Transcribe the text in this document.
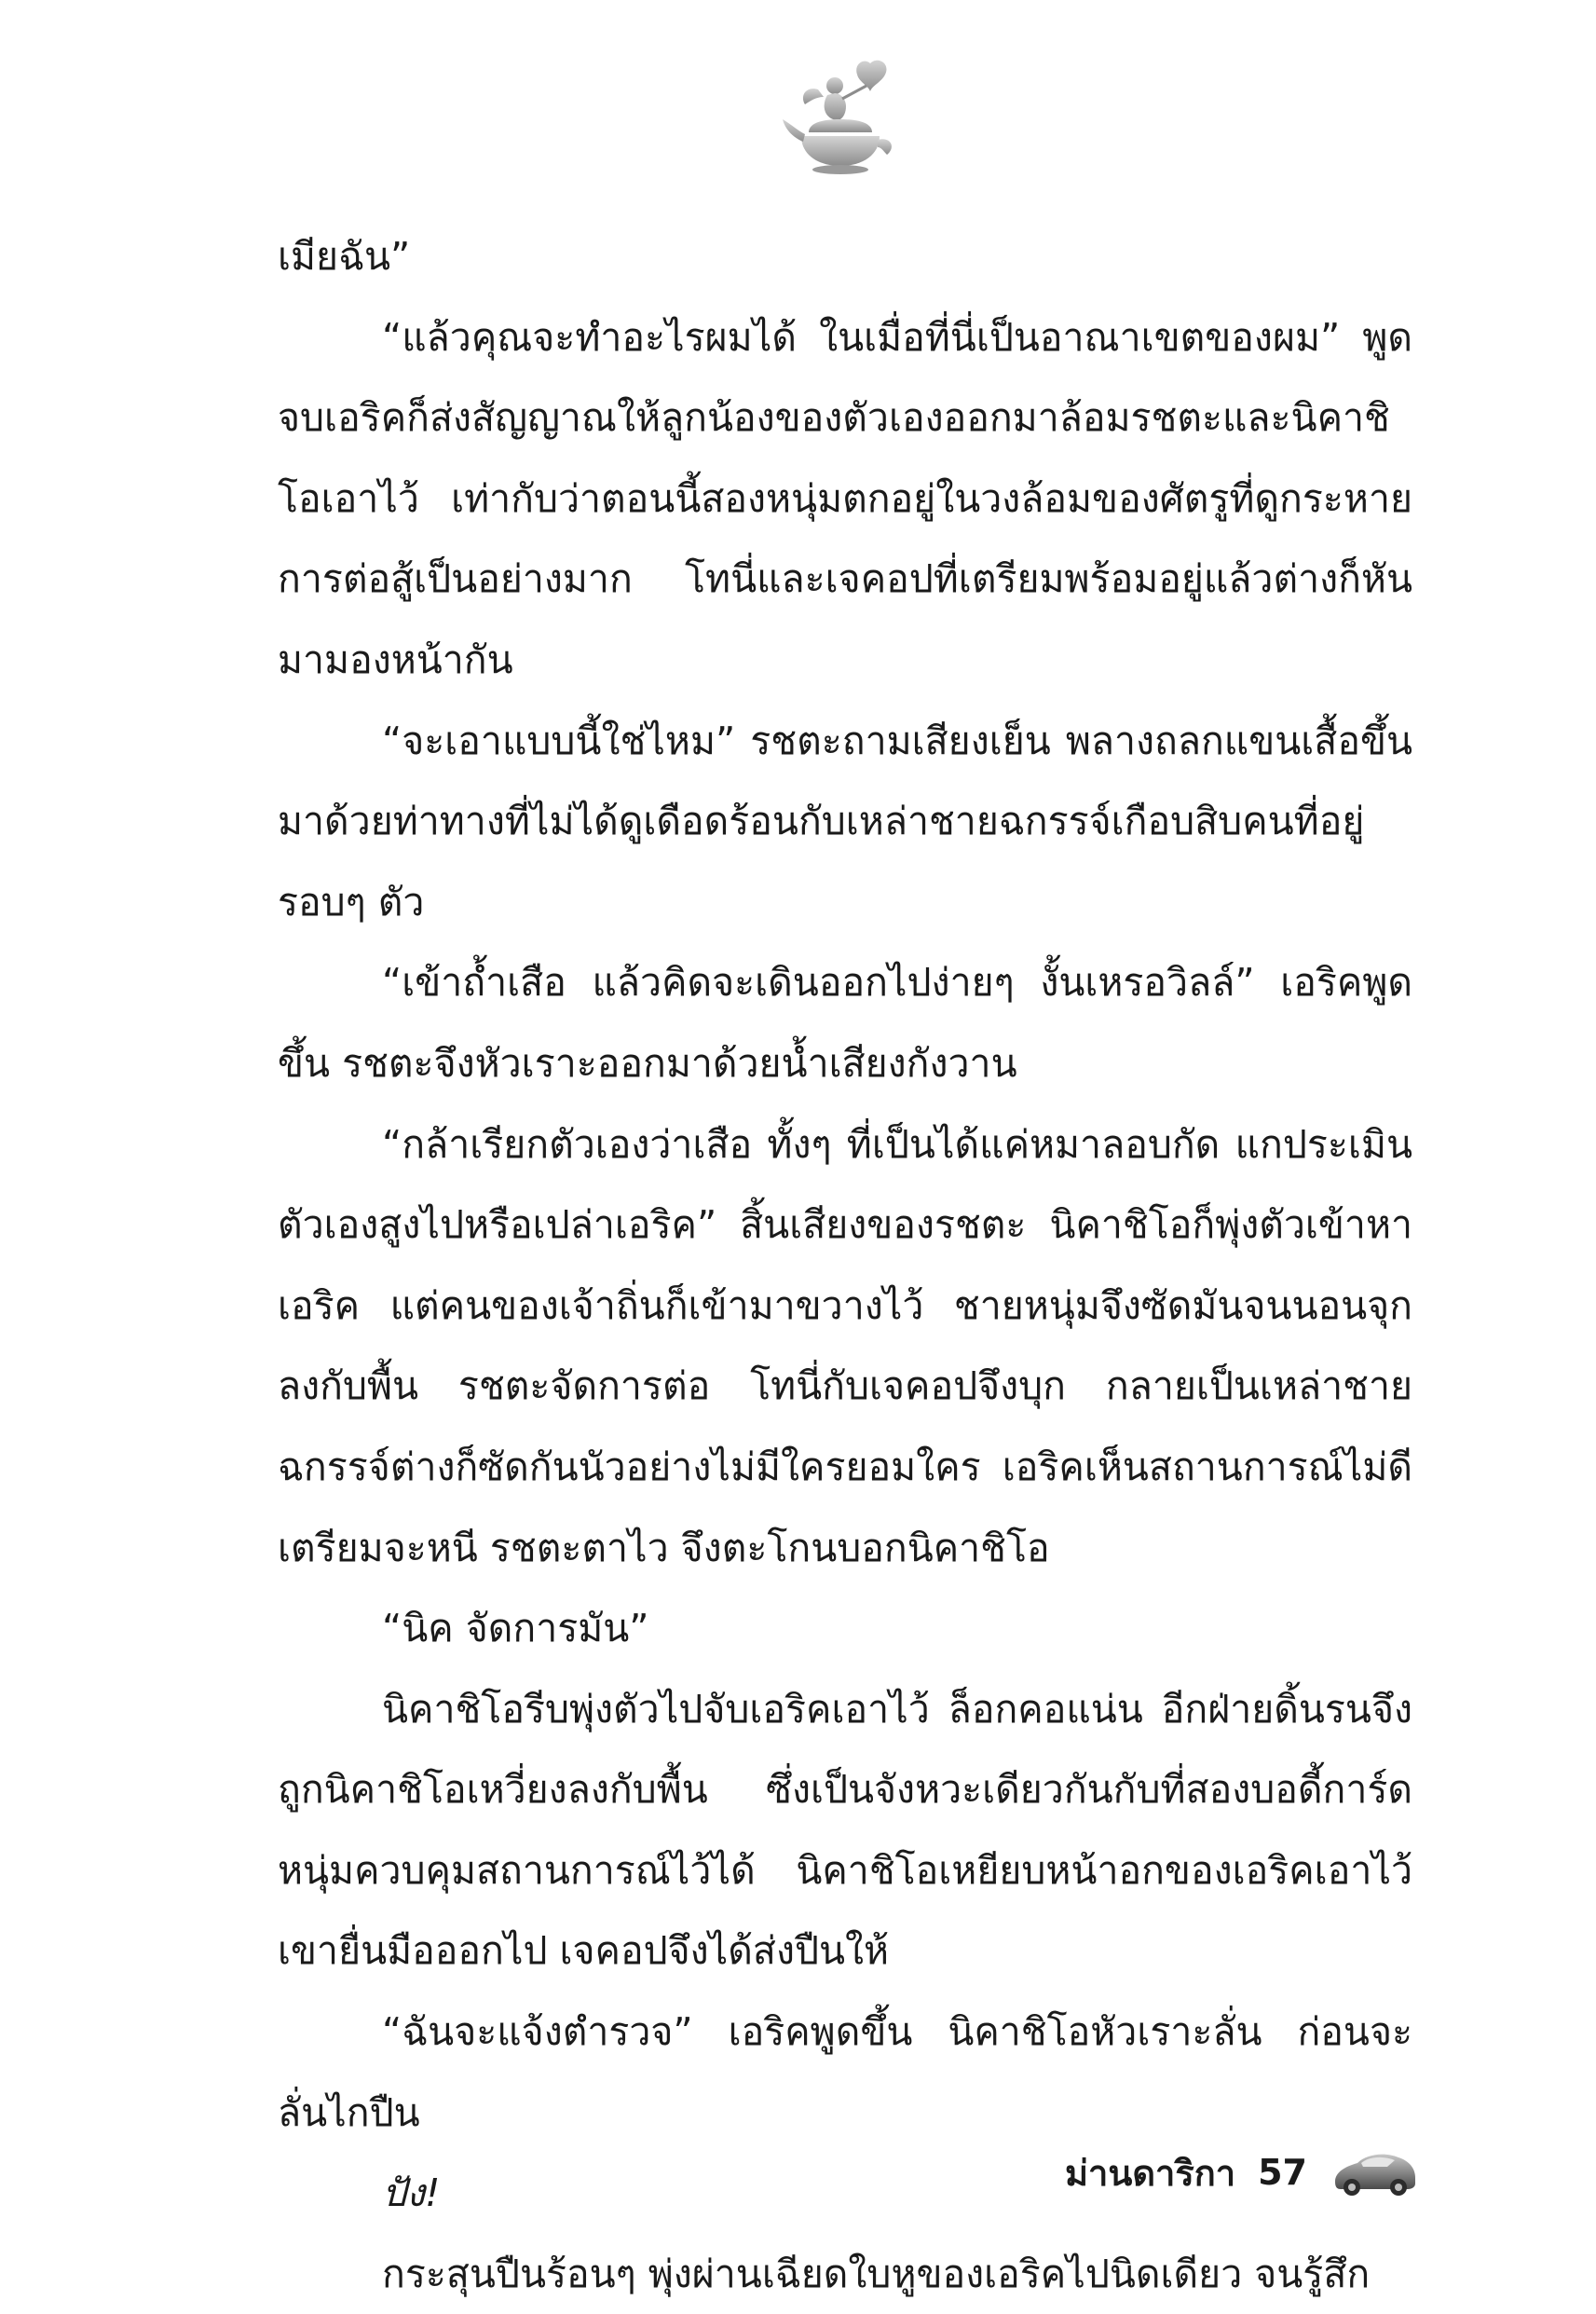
เมียฉัน”

“แล้วคุณจะทำอะไรผมได้ ในเมื่อที่นี่เป็นอาณาเขตของผม” พูดจบเอริคก็ส่งสัญญาณให้ลูกน้องของตัวเองออกมาล้อมรชตะและนิคาชิโอเอาไว้ เท่ากับว่าตอนนี้สองหนุ่มตกอยู่ในวงล้อมของศัตรูที่ดูกระหายการต่อสู้เป็นอย่างมาก โทนี่และเจคอปที่เตรียมพร้อมอยู่แล้วต่างก็หันมามองหน้ากัน

“จะเอาแบบนี้ใช่ไหม” รชตะถามเสียงเย็น พลางถลกแขนเสื้อขึ้นมาด้วยท่าทางที่ไม่ได้ดูเดือดร้อนกับเหล่าชายฉกรรจ์เกือบสิบคนที่อยู่รอบๆ ตัว

“เข้าถ้ำเสือ แล้วคิดจะเดินออกไปง่ายๆ งั้นเหรอวิลล์” เอริคพูดขึ้น รชตะจึงหัวเราะออกมาด้วยน้ำเสียงกังวาน

“กล้าเรียกตัวเองว่าเสือ ทั้งๆ ที่เป็นได้แค่หมาลอบกัด แกประเมินตัวเองสูงไปหรือเปล่าเอริค” สิ้นเสียงของรชตะ นิคาชิโอก็พุ่งตัวเข้าหาเอริค แต่คนของเจ้าถิ่นก็เข้ามาขวางไว้ ชายหนุ่มจึงซัดมันจนนอนจุกลงกับพื้น รชตะจัดการต่อ โทนี่กับเจคอปจึงบุก กลายเป็นเหล่าชายฉกรรจ์ต่างก็ซัดกันนัวอย่างไม่มีใครยอมใคร เอริคเห็นสถานการณ์ไม่ดี เตรียมจะหนี รชตะตาไว จึงตะโกนบอกนิคาชิโอ

“นิค จัดการมัน”

นิคาชิโอรีบพุ่งตัวไปจับเอริคเอาไว้ ล็อกคอแน่น อีกฝ่ายดิ้นรนจึงถูกนิคาชิโอเหวี่ยงลงกับพื้น ซึ่งเป็นจังหวะเดียวกันกับที่สองบอดี้การ์ดหนุ่มควบคุมสถานการณ์ไว้ได้ นิคาชิโอเหยียบหน้าอกของเอริคเอาไว้ เขายื่นมือออกไป เจคอปจึงได้ส่งปืนให้

“ฉันจะแจ้งตำรวจ” เอริคพูดขึ้น นิคาชิโอหัวเราะลั่น ก่อนจะลั่นไกปืน

ปัง!

กระสุนปืนร้อนๆ พุ่งผ่านเฉียดใบหูของเอริคไปนิดเดียว จนรู้สึก

ม่านดาริกา 57
